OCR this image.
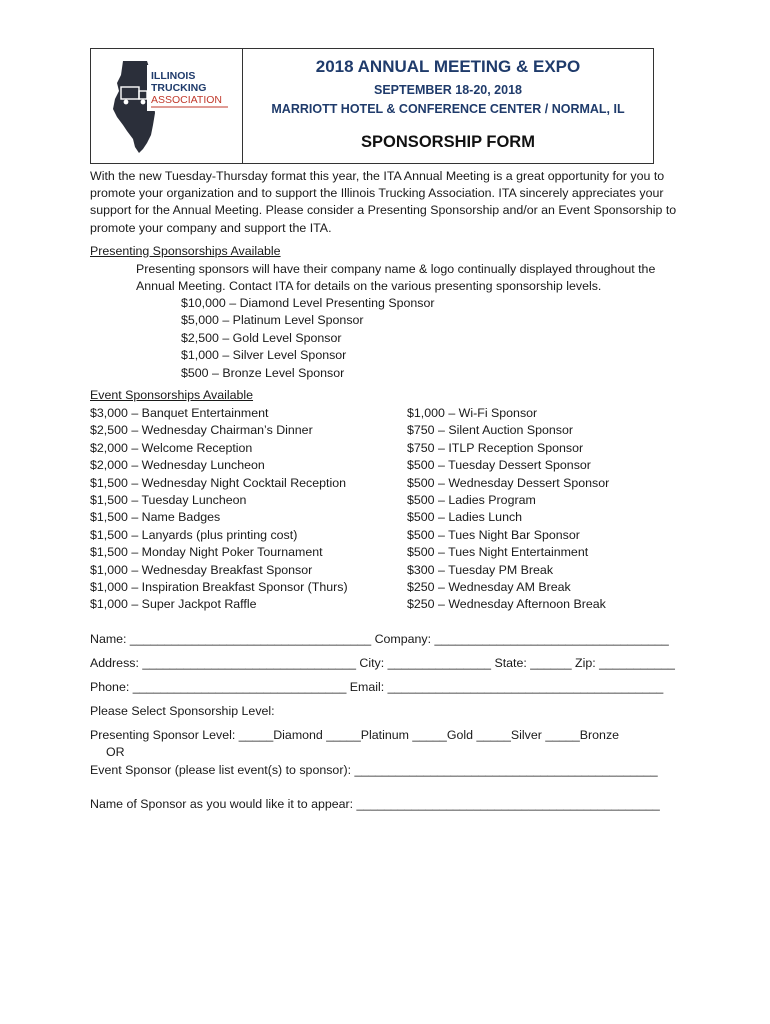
ILLINOIS
TRUCKING
ASSOCIATION
2018 ANNUAL MEETING & EXPO
SEPTEMBER 18-20, 2018
MARRIOTT HOTEL & CONFERENCE CENTER / NORMAL, IL
SPONSORSHIP FORM
With the new Tuesday-Thursday format this year, the ITA Annual Meeting is a great opportunity for you to promote your organization and to support the Illinois Trucking Association. ITA sincerely appreciates your support for the Annual Meeting. Please consider a Presenting Sponsorship and/or an Event Sponsorship to promote your company and support the ITA.
Presenting Sponsorships Available
Presenting sponsors will have their company name & logo continually displayed throughout the Annual Meeting. Contact ITA for details on the various presenting sponsorship levels.
$10,000 – Diamond Level Presenting Sponsor
$5,000 – Platinum Level Sponsor
$2,500 – Gold Level Sponsor
$1,000 – Silver Level Sponsor
$500 – Bronze Level Sponsor
Event Sponsorships Available
$3,000 – Banquet Entertainment
$2,500 – Wednesday Chairman’s Dinner
$2,000 – Welcome Reception
$2,000 – Wednesday Luncheon
$1,500 – Wednesday Night Cocktail Reception
$1,500 – Tuesday Luncheon
$1,500 – Name Badges
$1,500 – Lanyards (plus printing cost)
$1,500 – Monday Night Poker Tournament
$1,000 – Wednesday Breakfast Sponsor
$1,000 – Inspiration Breakfast Sponsor (Thurs)
$1,000 – Super Jackpot Raffle
$1,000 – Wi-Fi Sponsor
$750 – Silent Auction Sponsor
$750 – ITLP Reception Sponsor
$500 – Tuesday Dessert Sponsor
$500 – Wednesday Dessert Sponsor
$500 – Ladies Program
$500 – Ladies Lunch
$500 – Tues Night Bar Sponsor
$500 – Tues Night Entertainment
$300 – Tuesday PM Break
$250 – Wednesday AM Break
$250 – Wednesday Afternoon Break
Name: ___________________________________ Company: __________________________________
Address: _______________________________ City: _______________ State: ______ Zip: ___________
Phone: _______________________________ Email: ________________________________________
Please Select Sponsorship Level:
Presenting Sponsor Level: _____Diamond _____Platinum _____Gold _____Silver _____Bronze
OR
Event Sponsor (please list event(s) to sponsor): ____________________________________________
Name of Sponsor as you would like it to appear: ____________________________________________
